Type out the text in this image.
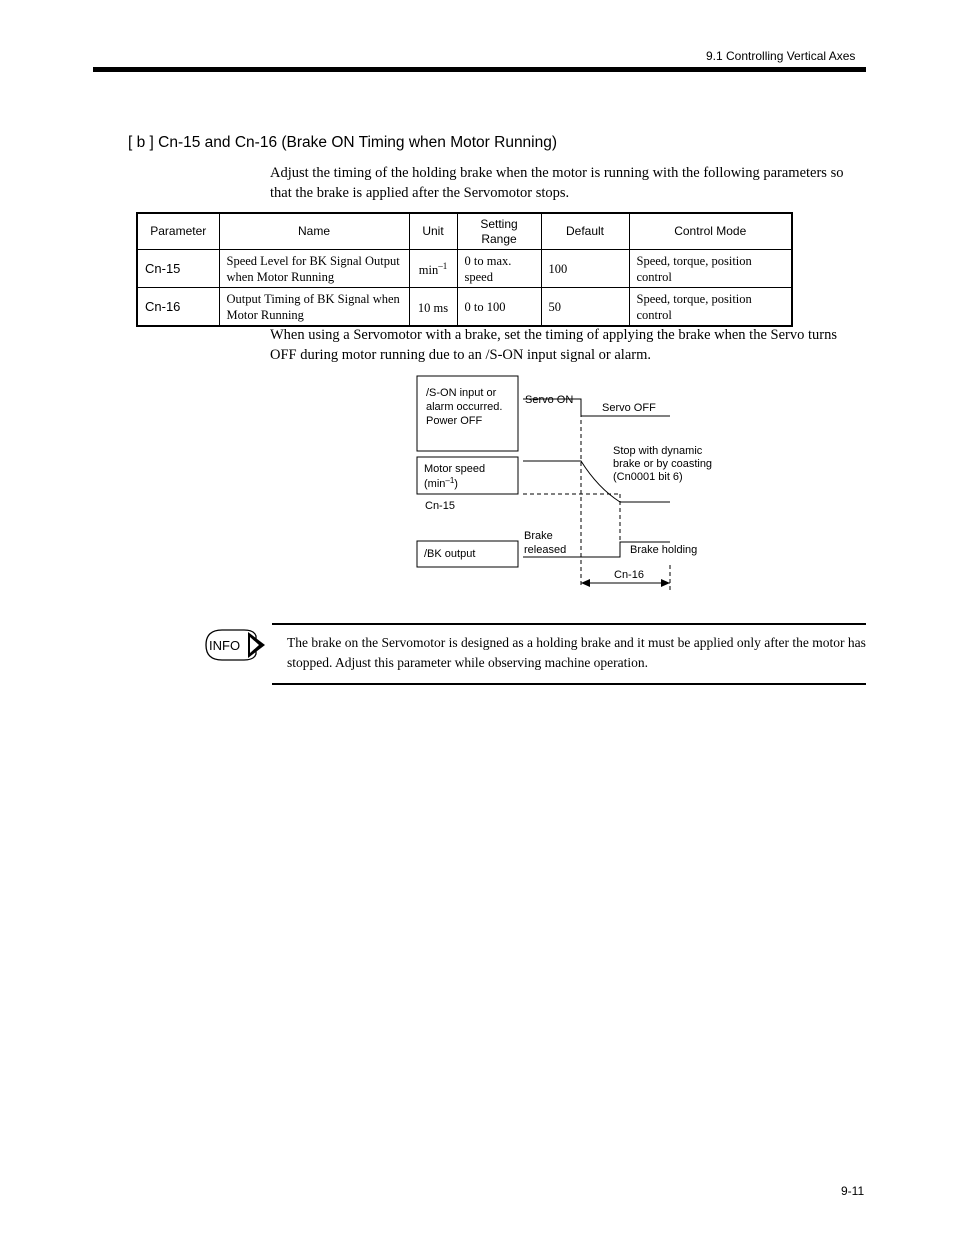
9.1 Controlling Vertical Axes
[ b ] Cn-15 and Cn-16 (Brake ON Timing when Motor Running)
Adjust the timing of the holding brake when the motor is running with the following parameters so that the brake is applied after the Servomotor stops.
Parameter	Name	Unit	Setting Range	Default	Control Mode
Cn-15	Speed Level for BK Signal Output when Motor Running	$\min^{-1}$	0 to max. speed	100	Speed, torque, position control
Cn-16	Output Timing of BK Signal when Motor Running	10 ms	0 to 100	50	Speed, torque, position control
When using a Servomotor with a brake, set the timing of applying the brake when the Servo turns OFF during motor running due to an /S-ON input signal or alarm.
/S-ON input or
alarm occurred.
Power OFF
Servo ON
Servo OFF
Motor speed
$(\min^{-1})$
Stop with dynamic
brake or by coasting
(Cn0001 bit 6)
Cn-15
/BK output
Brake
released	Brake holding
Cn-16
INFO	The brake on the Servomotor is designed as a holding brake and it must be applied only after the motor has stopped. Adjust this parameter while observing machine operation.
9-11
